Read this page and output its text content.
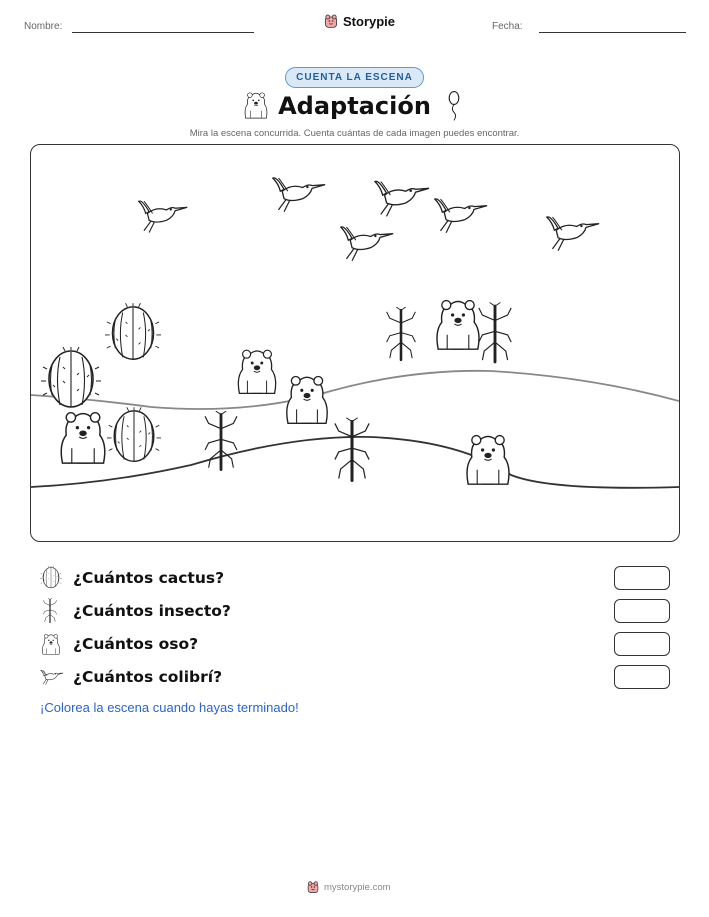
Nombre:	Storypie	Fecha:
CUENTA LA ESCENA
Adaptación
Mira la escena concurrida. Cuenta cuántas de cada imagen puedes encontrar.
¿Cuántos cactus?
¿Cuántos insecto?
¿Cuántos oso?
¿Cuántos colibrí?
¡Colorea la escena cuando hayas terminado!
mystorypie.com
